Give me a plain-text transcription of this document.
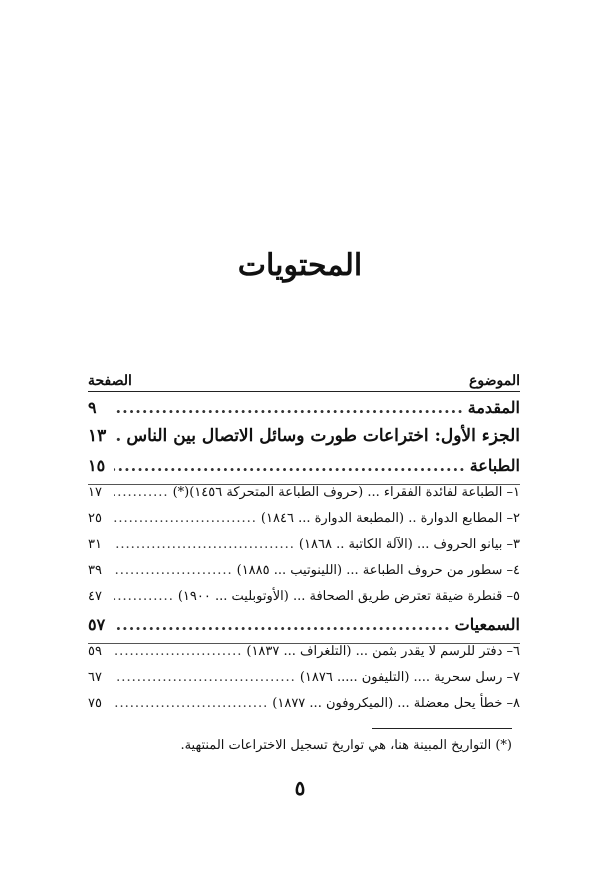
المحتويات
الموضوع
الصفحة
المقدمة
.....
٩
الجزء الأول: اختراعات طورت وسائل الاتصال بين الناس
.....
١٣
الطباعة
.....
١٥
١– الطباعة لفائدة الفقراء ... (حروف الطباعة المتحركة ١٤٥٦)(*)
.....
١٧
٢– المطابع الدوارة .. (المطبعة الدوارة ... ١٨٤٦)
.....
٢٥
٣– بيانو الحروف ... (الآلة الكاتبة .. ١٨٦٨)
.....
٣١
٤– سطور من حروف الطباعة ... (اللينوتيب ... ١٨٨٥)
.....
٣٩
٥– قنطرة ضيقة تعترض طريق الصحافة ... (الأوتوبليت ... ١٩٠٠)
.....
٤٧
السمعيات
.....
٥٧
٦– دفتر للرسم لا يقدر بثمن ... (التلغراف ... ١٨٣٧)
.....
٥٩
٧– رسل سحرية .... (التليفون ..... ١٨٧٦)
.....
٦٧
٨– خطأ يحل معضلة ... (الميكروفون ... ١٨٧٧)
.....
٧٥
(*) التواريخ المبينة هنا، هي تواريخ تسجيل الاختراعات المنتهية.
٥
